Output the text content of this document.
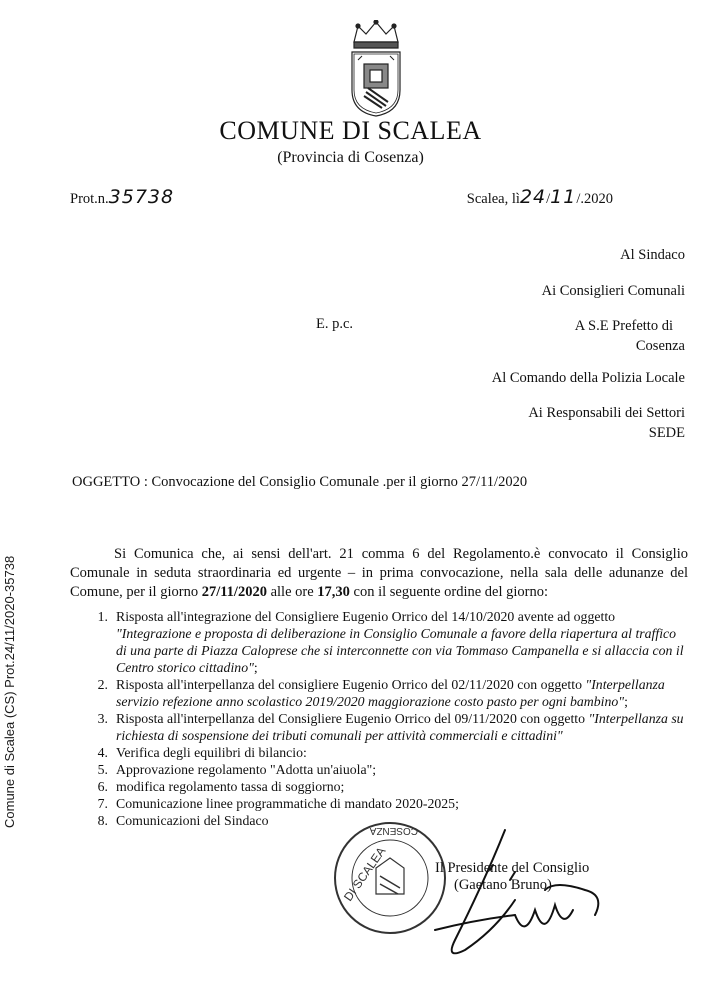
COMUNE DI SCALEA
(Provincia di Cosenza)
Prot.n.35738	Scalea, lì24/11/.2020
Al Sindaco
Ai Consiglieri Comunali
E. p.c.	A S.E Prefetto di
Cosenza
Al Comando della Polizia Locale
Ai Responsabili dei Settori
SEDE
OGGETTO : Convocazione del Consiglio Comunale .per il giorno 27/11/2020
Comune di Scalea (CS) Prot.24/11/2020-35738
Si Comunica che, ai sensi dell'art. 21 comma 6 del Regolamento.è convocato il Consiglio Comunale in seduta straordinaria ed urgente – in prima convocazione, nella sala delle adunanze del Comune, per il giorno 27/11/2020 alle ore 17,30 con il seguente ordine del giorno:
1. Risposta all'integrazione del Consigliere Eugenio Orrico del 14/10/2020 avente ad oggetto "Integrazione e proposta di deliberazione in Consiglio Comunale a favore della riapertura al traffico di una parte di Piazza Caloprese che si interconnette con via Tommaso Campanella e si allaccia con il Centro storico cittadino";
2. Risposta all'interpellanza del consigliere Eugenio Orrico del 02/11/2020 con oggetto "Interpellanza servizio refezione anno scolastico 2019/2020 maggiorazione costo pasto per ogni bambino";
3. Risposta all'interpellanza del Consigliere Eugenio Orrico del 09/11/2020 con oggetto "Interpellanza su richiesta di sospensione dei tributi comunali per attività commerciali e cittadini"
4. Verifica degli equilibri di bilancio:
5. Approvazione regolamento "Adotta un'aiuola";
6. modifica regolamento tassa di soggiorno;
7. Comunicazione linee programmatiche di mandato 2020-2025;
8. Comunicazioni del Sindaco
DI SCALEA
COSENZA
Il Presidente del Consiglio
(Gaetano Bruno)
